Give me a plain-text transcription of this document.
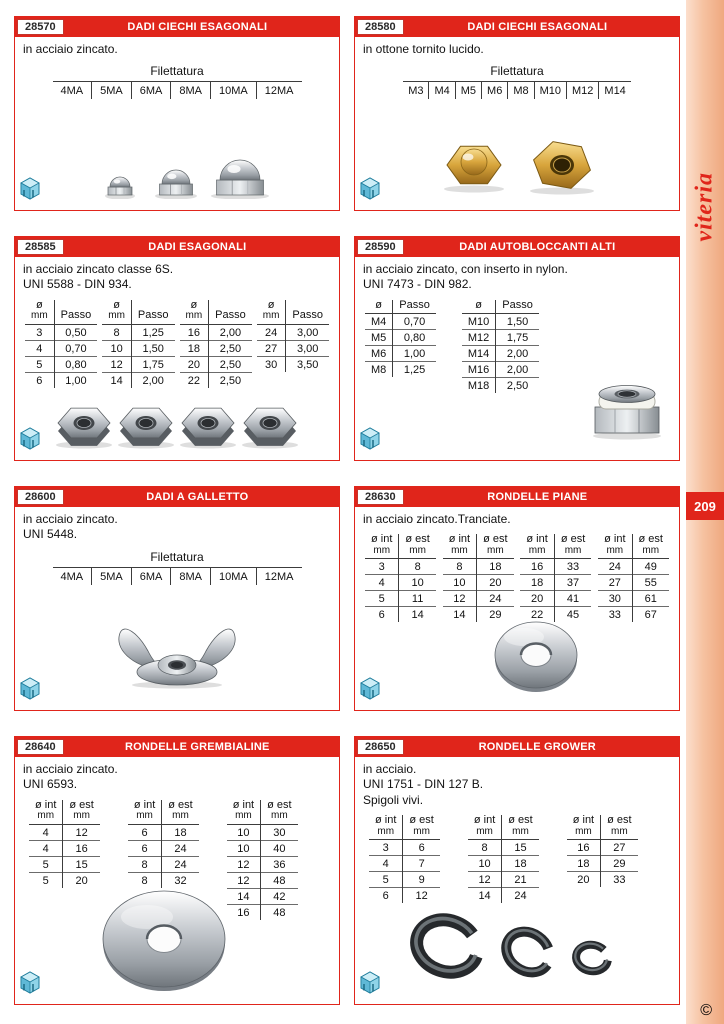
28570	DADI CIECHI ESAGONALI
in acciaio zincato.
Filettatura
4MA	5MA	6MA	8MA	10MA	12MA
28580	DADI CIECHI ESAGONALI
in ottone tornito lucido.
Filettatura
M3	M4	M5	M6	M8	M10	M12	M14
28585	DADI ESAGONALI
in acciaio zincato classe 6S.
UNI 5588 - DIN 934.
ø
mm	Passo

3	0,50
4	0,70
5	0,80
6	1,00
ø
mm	Passo

8	1,25
10	1,50
12	1,75
14	2,00
ø
mm	Passo

16	2,00
18	2,50
20	2,50
22	2,50
ø
mm	Passo

24	3,00
27	3,00
30	3,50
28590	DADI AUTOBLOCCANTI ALTI
in acciaio zincato, con inserto in nylon.
UNI 7473 - DIN 982.
ø	Passo

M4	0,70
M5	0,80
M6	1,00
M8	1,25
ø	Passo

M10	1,50
M12	1,75
M14	2,00
M16	2,00
M18	2,50
28600	DADI A GALLETTO
in acciaio zincato.
UNI 5448.
Filettatura
4MA	5MA	6MA	8MA	10MA	12MA
28630	RONDELLE PIANE
in acciaio zincato.Tranciate.
ø int
mm

ø est
mm

3	8
4	10
5	11
6	14
ø int
mm

ø est
mm

8	18
10	20
12	24
14	29
ø int
mm

ø est
mm

16	33
18	37
20	41
22	45
ø int
mm

ø est
mm

24	49
27	55
30	61
33	67
28640	RONDELLE GREMBIALINE
in acciaio zincato.
UNI 6593.
ø int
mm

ø est
mm

4	12
4	16
5	15
5	20
ø int
mm

ø est
mm

6	18
6	24
8	24
8	32
ø int
mm

ø est
mm

10	30
10	40
12	36
12	48
14	42
16	48
28650	RONDELLE GROWER
in acciaio.
UNI 1751 - DIN 127 B.
Spigoli vivi.
ø int
mm

ø est
mm

3	6
4	7
5	9
6	12
ø int
mm

ø est
mm

8	15
10	18
12	21
14	24
ø int
mm

ø est
mm

16	27
18	29
20	33
viteria
209
©
